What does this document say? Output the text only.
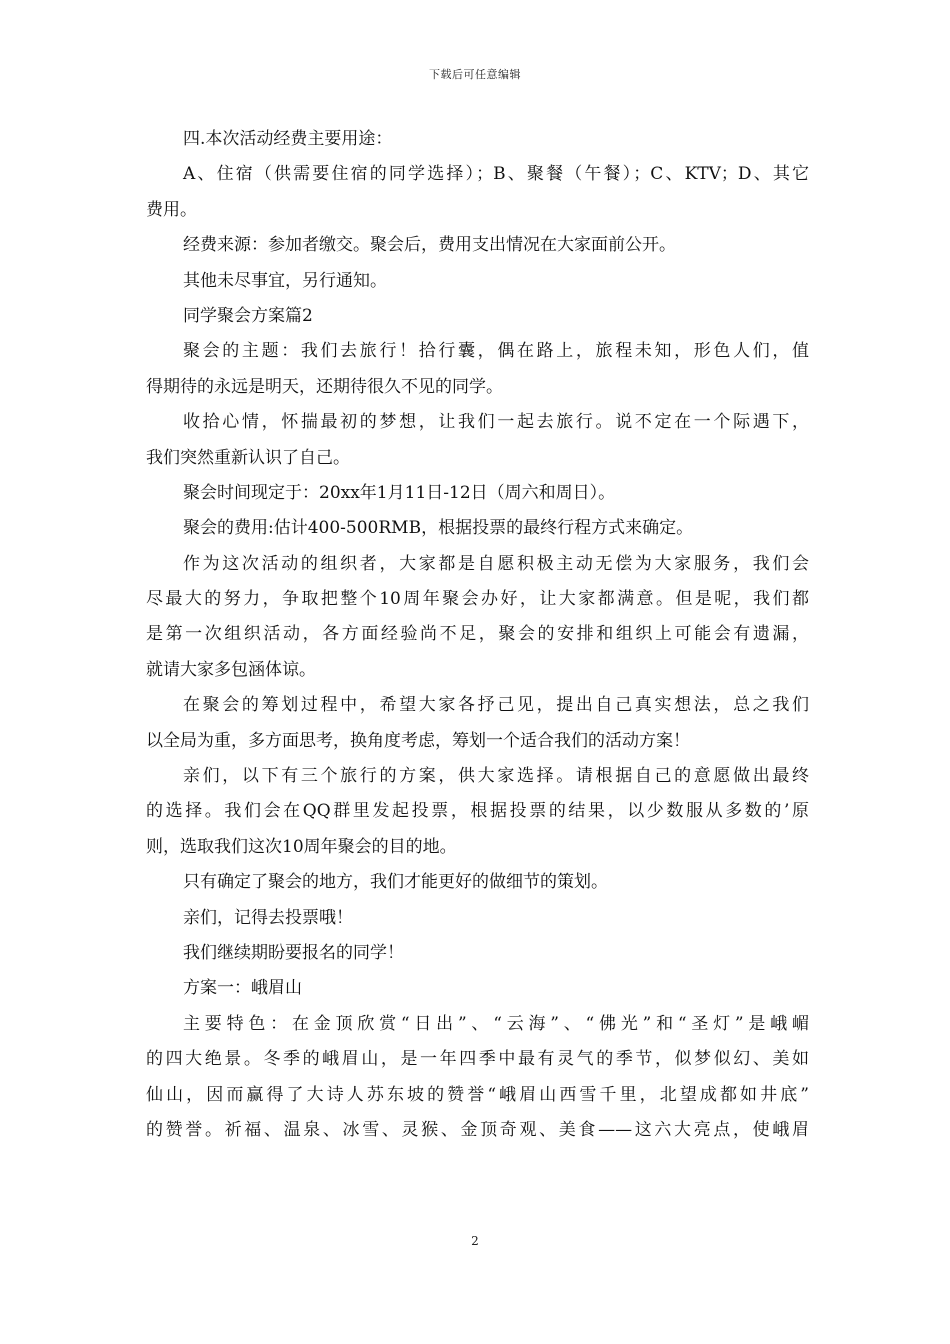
下载后可任意编辑
四.本次活动经费主要用途：
A、住宿（供需要住宿的同学选择）；B、聚餐（午餐）；C、KTV；D、其它
费用。
经费来源：参加者缴交。聚会后，费用支出情况在大家面前公开。
其他未尽事宜，另行通知。
同学聚会方案篇2
聚会的主题：我们去旅行！拾行囊，偶在路上，旅程未知，形色人们，值
得期待的永远是明天，还期待很久不见的同学。
收拾心情，怀揣最初的梦想，让我们一起去旅行。说不定在一个际遇下，
我们突然重新认识了自己。
聚会时间现定于：20xx年1月11日-12日（周六和周日）。
聚会的费用:估计400-500RMB，根据投票的最终行程方式来确定。
作为这次活动的组织者，大家都是自愿积极主动无偿为大家服务，我们会
尽最大的努力，争取把整个10周年聚会办好，让大家都满意。但是呢，我们都
是第一次组织活动，各方面经验尚不足，聚会的安排和组织上可能会有遗漏，
就请大家多包涵体谅。
在聚会的筹划过程中，希望大家各抒己见，提出自己真实想法，总之我们
以全局为重，多方面思考，换角度考虑，筹划一个适合我们的活动方案！
亲们，以下有三个旅行的方案，供大家选择。请根据自己的意愿做出最终
的选择。我们会在QQ群里发起投票，根据投票的结果，以少数服从多数的’原
则，选取我们这次10周年聚会的目的地。
只有确定了聚会的地方，我们才能更好的做细节的策划。
亲们，记得去投票哦！
我们继续期盼要报名的同学！
方案一：峨眉山
主要特色：在金顶欣赏“日出”、“云海”、“佛光”和“圣灯”是峨嵋
的四大绝景。冬季的峨眉山，是一年四季中最有灵气的季节，似梦似幻、美如
仙山，因而赢得了大诗人苏东坡的赞誉“峨眉山西雪千里，北望成都如井底”
的赞誉。祈福、温泉、冰雪、灵猴、金顶奇观、美食——这六大亮点，使峨眉
2
